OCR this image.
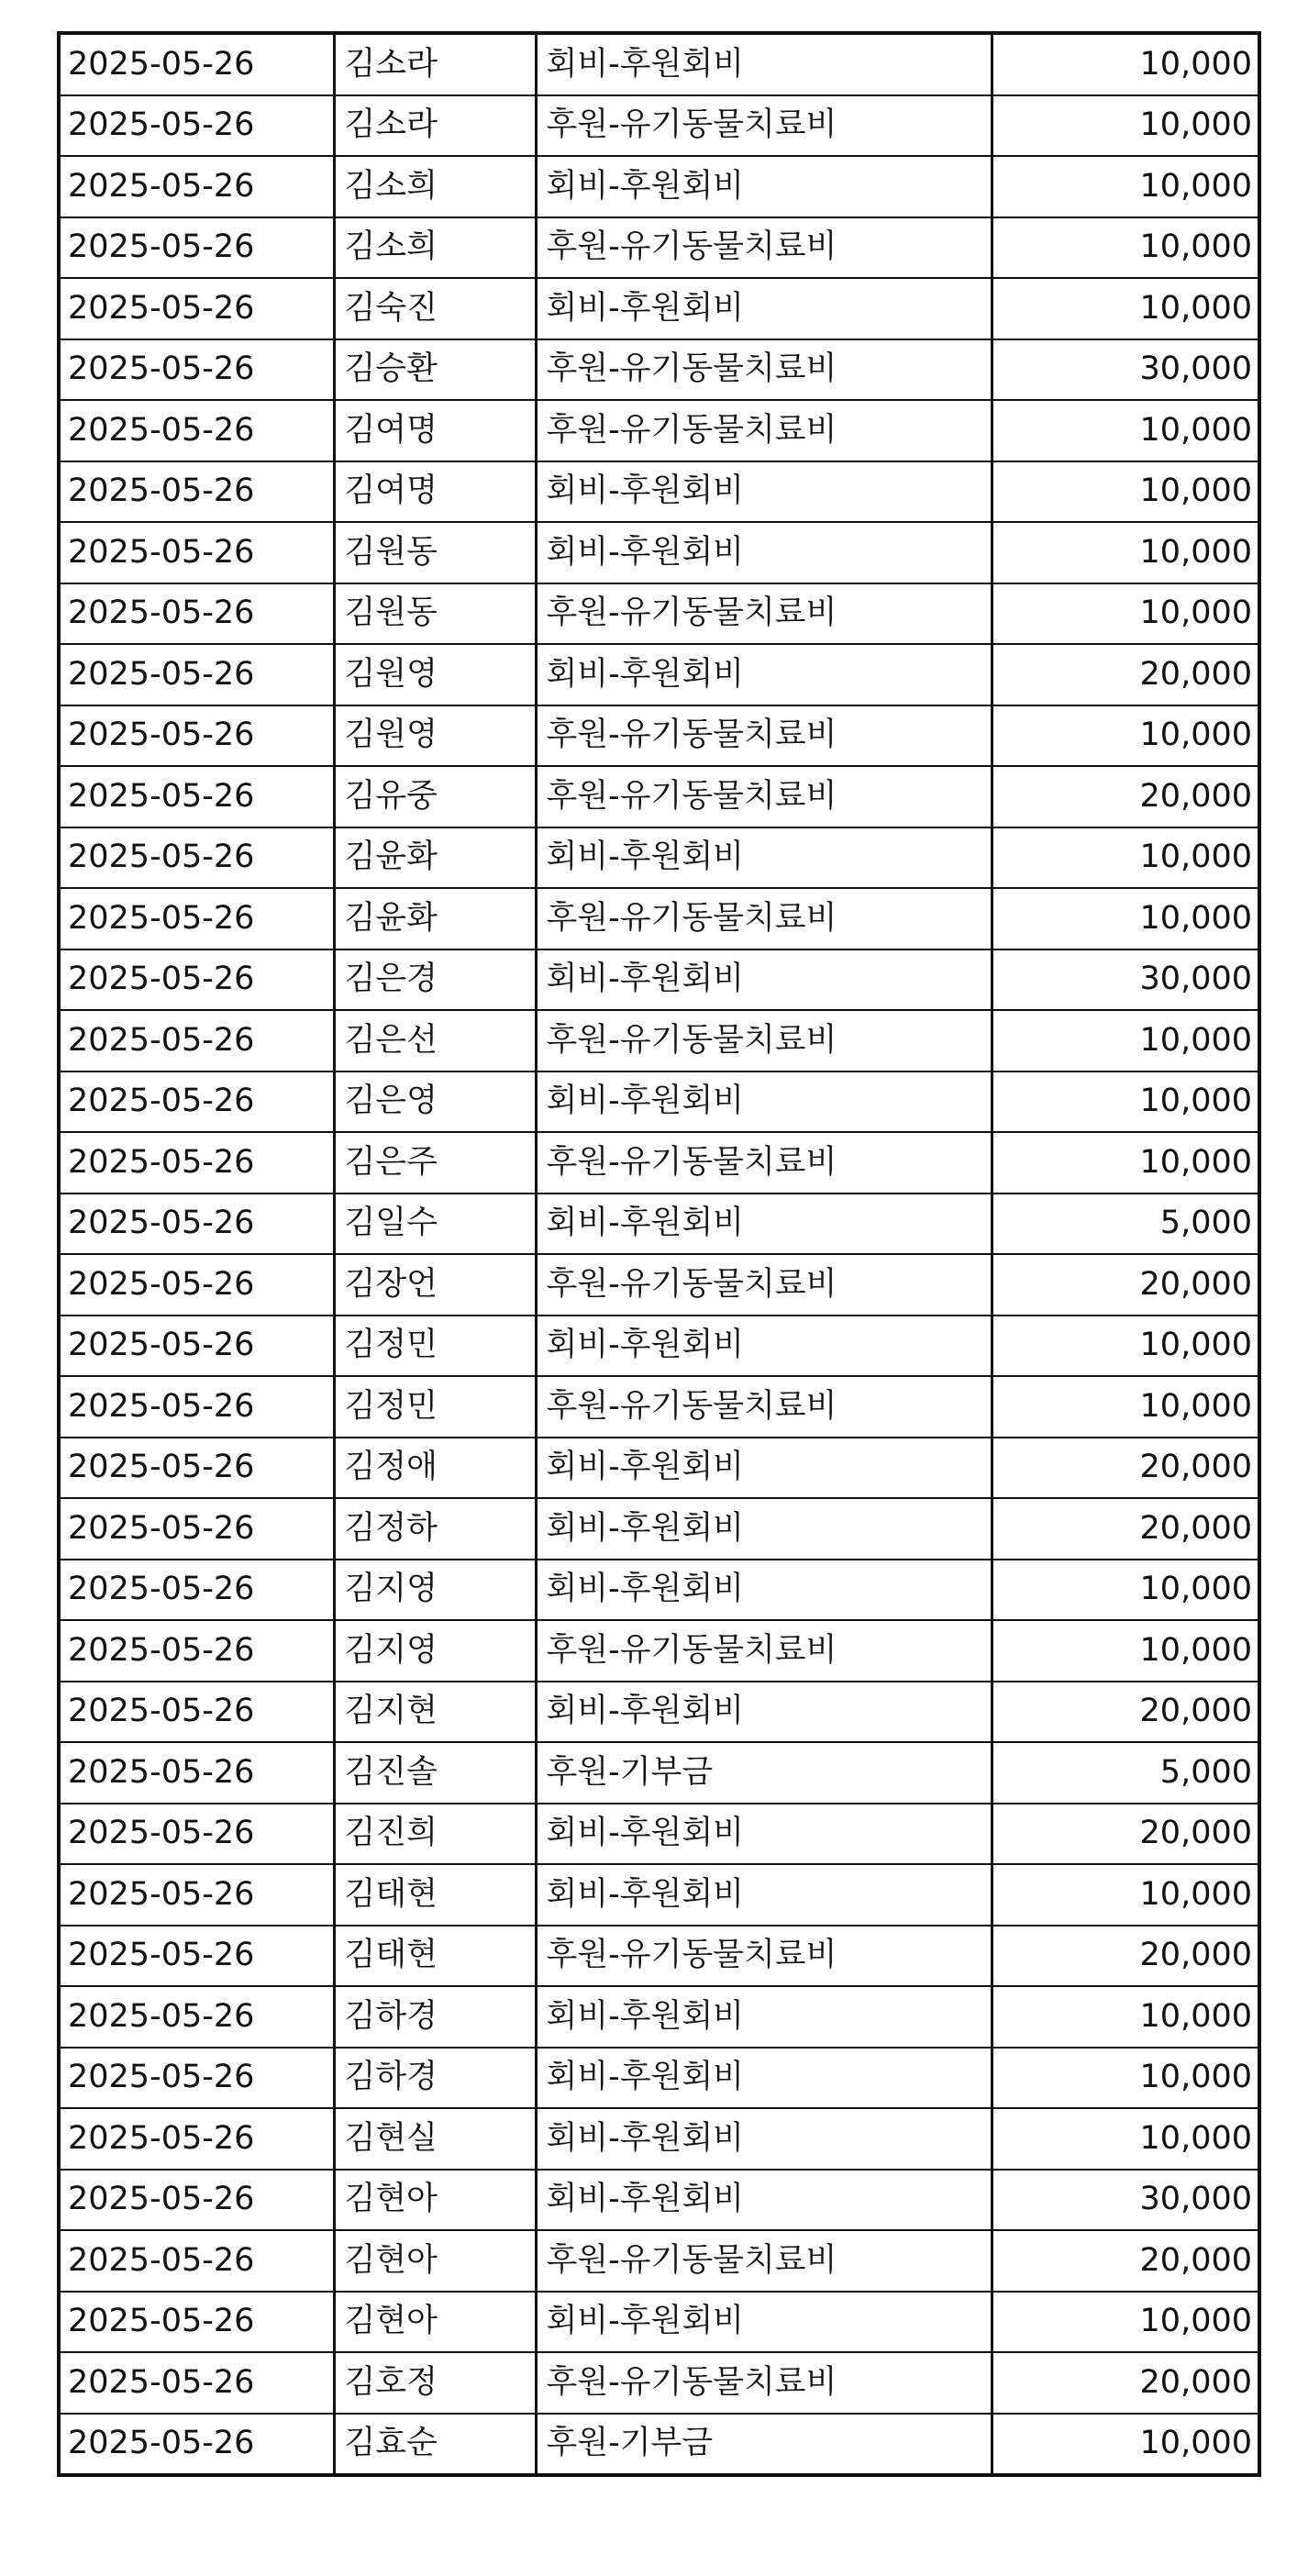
2025-05-26	김소라	회비-후원회비	10,000
2025-05-26	김소라	후원-유기동물치료비	10,000
2025-05-26	김소희	회비-후원회비	10,000
2025-05-26	김소희	후원-유기동물치료비	10,000
2025-05-26	김숙진	회비-후원회비	10,000
2025-05-26	김승환	후원-유기동물치료비	30,000
2025-05-26	김여명	후원-유기동물치료비	10,000
2025-05-26	김여명	회비-후원회비	10,000
2025-05-26	김원동	회비-후원회비	10,000
2025-05-26	김원동	후원-유기동물치료비	10,000
2025-05-26	김원영	회비-후원회비	20,000
2025-05-26	김원영	후원-유기동물치료비	10,000
2025-05-26	김유중	후원-유기동물치료비	20,000
2025-05-26	김윤화	회비-후원회비	10,000
2025-05-26	김윤화	후원-유기동물치료비	10,000
2025-05-26	김은경	회비-후원회비	30,000
2025-05-26	김은선	후원-유기동물치료비	10,000
2025-05-26	김은영	회비-후원회비	10,000
2025-05-26	김은주	후원-유기동물치료비	10,000
2025-05-26	김일수	회비-후원회비	5,000
2025-05-26	김장언	후원-유기동물치료비	20,000
2025-05-26	김정민	회비-후원회비	10,000
2025-05-26	김정민	후원-유기동물치료비	10,000
2025-05-26	김정애	회비-후원회비	20,000
2025-05-26	김정하	회비-후원회비	20,000
2025-05-26	김지영	회비-후원회비	10,000
2025-05-26	김지영	후원-유기동물치료비	10,000
2025-05-26	김지현	회비-후원회비	20,000
2025-05-26	김진솔	후원-기부금	5,000
2025-05-26	김진희	회비-후원회비	20,000
2025-05-26	김태현	회비-후원회비	10,000
2025-05-26	김태현	후원-유기동물치료비	20,000
2025-05-26	김하경	회비-후원회비	10,000
2025-05-26	김하경	회비-후원회비	10,000
2025-05-26	김현실	회비-후원회비	10,000
2025-05-26	김현아	회비-후원회비	30,000
2025-05-26	김현아	후원-유기동물치료비	20,000
2025-05-26	김현아	회비-후원회비	10,000
2025-05-26	김호정	후원-유기동물치료비	20,000
2025-05-26	김효순	후원-기부금	10,000
